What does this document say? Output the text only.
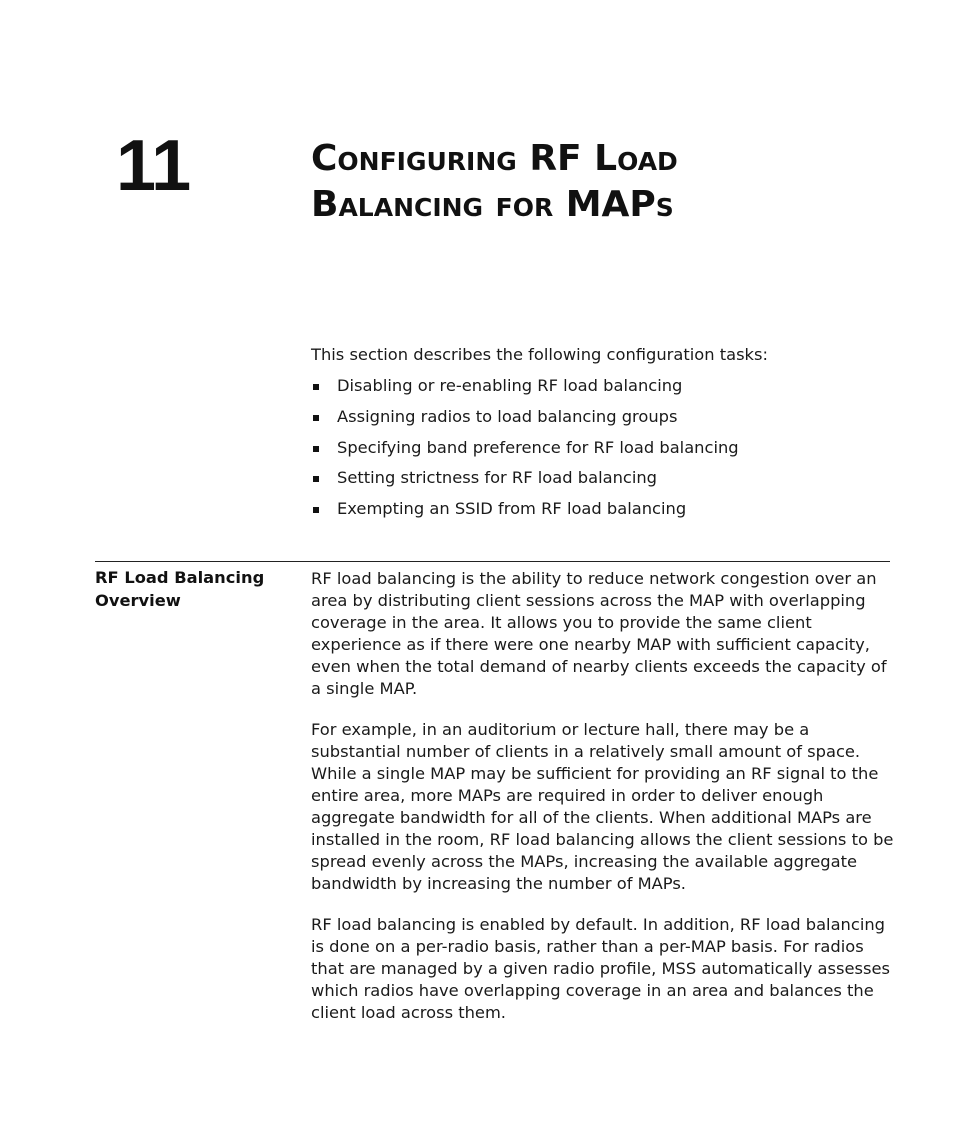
11	Configuring RF Load
Balancing for MAPs

This section describes the following configuration tasks:

Disabling or re-enabling RF load balancing
Assigning radios to load balancing groups
Specifying band preference for RF load balancing
Setting strictness for RF load balancing
Exempting an SSID from RF load balancing
RF Load Balancing Overview

RF load balancing is the ability to reduce network congestion over an area by distributing client sessions across the MAP with overlapping coverage in the area. It allows you to provide the same client experience as if there were one nearby MAP with sufficient capacity, even when the total demand of nearby clients exceeds the capacity of a single MAP.

For example, in an auditorium or lecture hall, there may be a substantial number of clients in a relatively small amount of space. While a single MAP may be sufficient for providing an RF signal to the entire area, more MAPs are required in order to deliver enough aggregate bandwidth for all of the clients. When additional MAPs are installed in the room, RF load balancing allows the client sessions to be spread evenly across the MAPs, increasing the available aggregate bandwidth by increasing the number of MAPs.

RF load balancing is enabled by default. In addition, RF load balancing is done on a per-radio basis, rather than a per-MAP basis. For radios that are managed by a given radio profile, MSS automatically assesses which radios have overlapping coverage in an area and balances the client load across them.
